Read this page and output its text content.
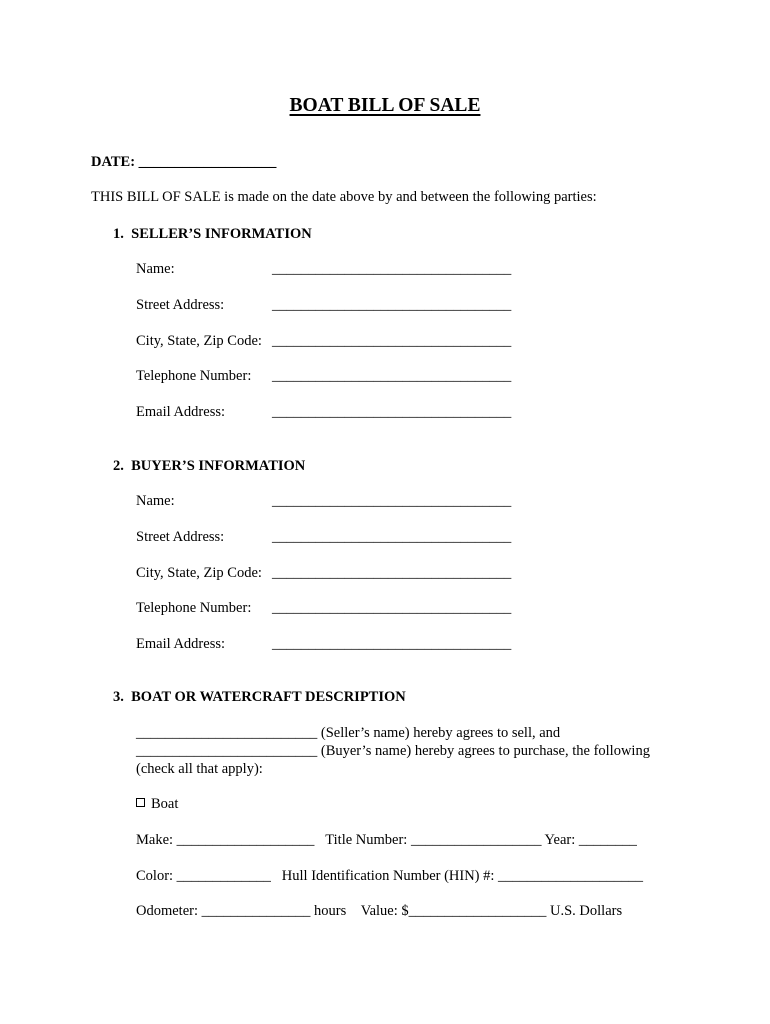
BOAT BILL OF SALE
DATE: ___________________
THIS BILL OF SALE is made on the date above by and between the following parties:
1.  SELLER’S INFORMATION
Name:	_________________________________
Street Address:	_________________________________
City, State, Zip Code: _________________________________
Telephone Number: _________________________________
Email Address:	_________________________________
2.  BUYER’S INFORMATION
Name:	_________________________________
Street Address:	_________________________________
City, State, Zip Code: _________________________________
Telephone Number: _________________________________
Email Address:	_________________________________
3.  BOAT OR WATERCRAFT DESCRIPTION
_________________________ (Seller’s name) hereby agrees to sell, and
_________________________ (Buyer’s name) hereby agrees to purchase, the following
(check all that apply):
Boat
Make: ___________________   Title Number: __________________ Year: ________
Color: _____________   Hull Identification Number (HIN) #: ____________________
Odometer: _______________ hours    Value: $___________________ U.S. Dollars
